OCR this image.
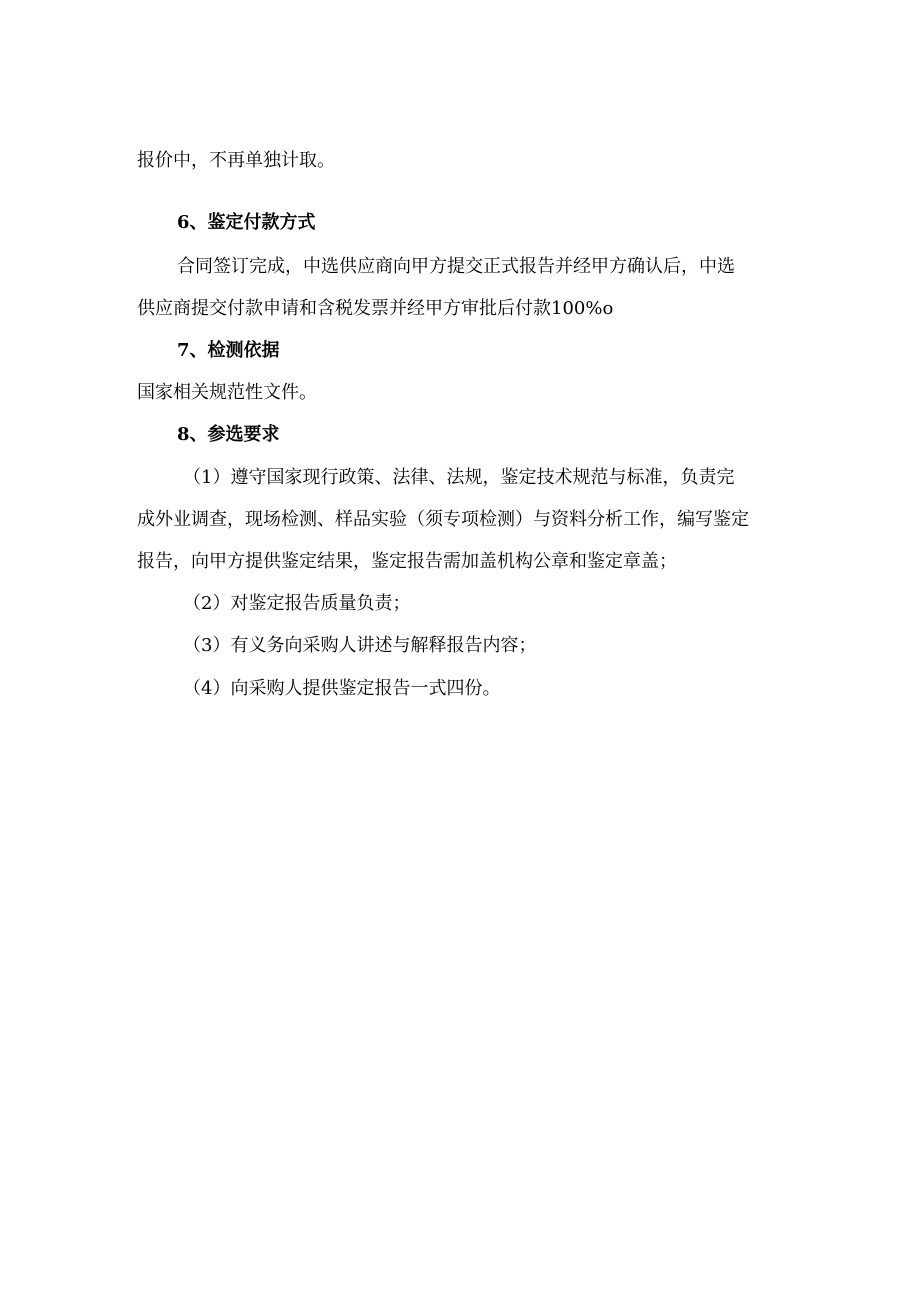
报价中，不再单独计取。
6、鉴定付款方式
合同签订完成，中选供应商向甲方提交正式报告并经甲方确认后，中选
供应商提交付款申请和含税发票并经甲方审批后付款100%o
7、检测依据
国家相关规范性文件。
8、参选要求
（1）遵守国家现行政策、法律、法规，鉴定技术规范与标准，负责完
成外业调查，现场检测、样品实验（须专项检测）与资料分析工作，编写鉴定
报告，向甲方提供鉴定结果，鉴定报告需加盖机构公章和鉴定章盖；
（2）对鉴定报告质量负责；
（3）有义务向采购人讲述与解释报告内容；
（4）向采购人提供鉴定报告一式四份。
